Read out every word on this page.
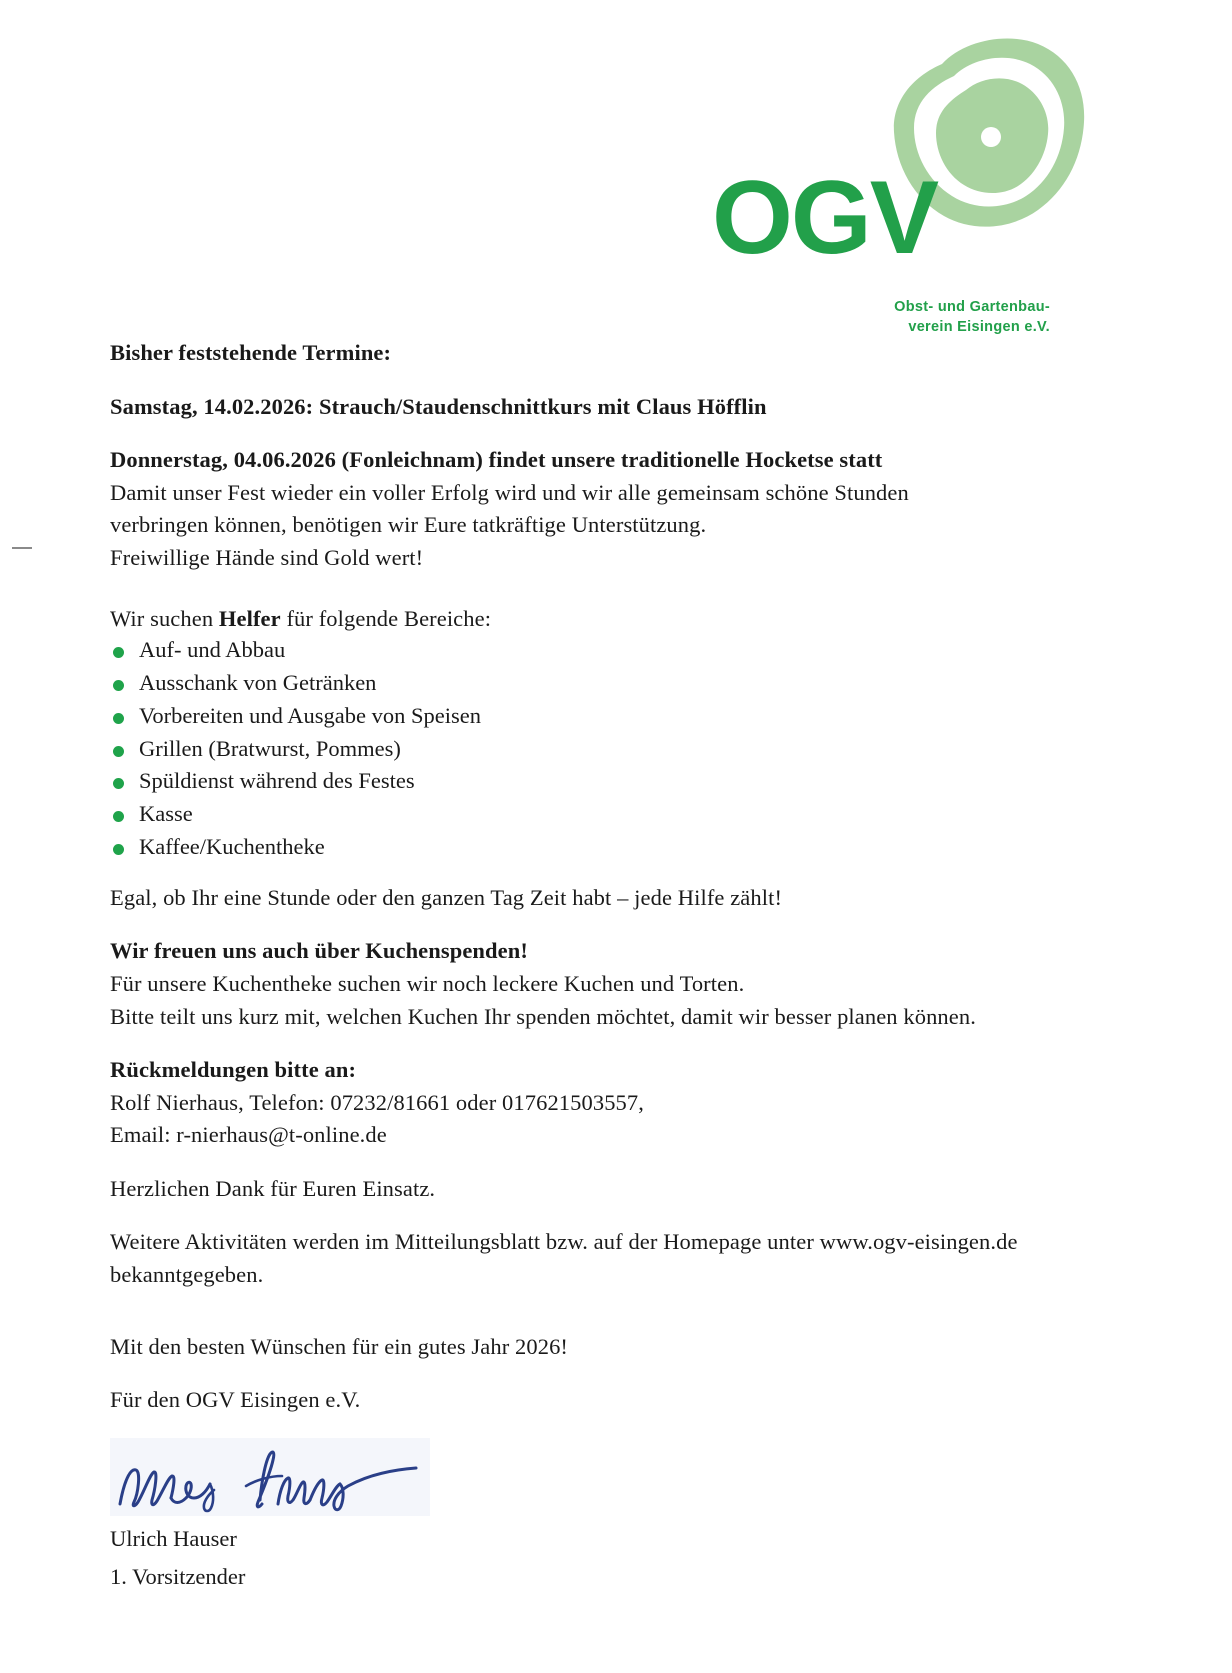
OGV
Obst- und Gartenbau-
verein Eisingen e.V.

Bisher feststehende Termine:

Samstag, 14.02.2026: Strauch/Staudenschnittkurs mit Claus Höfflin

Donnerstag, 04.06.2026 (Fonleichnam) findet unsere traditionelle Hocketse statt

Damit unser Fest wieder ein voller Erfolg wird und wir alle gemeinsam schöne Stunden

verbringen können, benötigen wir Eure tatkräftige Unterstützung.

Freiwillige Hände sind Gold wert!

Wir suchen Helfer für folgende Bereiche:

Auf- und Abbau
Ausschank von Getränken
Vorbereiten und Ausgabe von Speisen
Grillen (Bratwurst, Pommes)
Spüldienst während des Festes
Kasse
Kaffee/Kuchentheke

Egal, ob Ihr eine Stunde oder den ganzen Tag Zeit habt – jede Hilfe zählt!

Wir freuen uns auch über Kuchenspenden!

Für unsere Kuchentheke suchen wir noch leckere Kuchen und Torten.

Bitte teilt uns kurz mit, welchen Kuchen Ihr spenden möchtet, damit wir besser planen können.

Rückmeldungen bitte an:

Rolf Nierhaus, Telefon: 07232/81661 oder 017621503557,

Email: r-nierhaus@t-online.de

Herzlichen Dank für Euren Einsatz.

Weitere Aktivitäten werden im Mitteilungsblatt bzw. auf der Homepage unter www.ogv-eisingen.de

bekanntgegeben.

Mit den besten Wünschen für ein gutes Jahr 2026!

Für den OGV Eisingen e.V.

Ulrich Hauser

1. Vorsitzender
